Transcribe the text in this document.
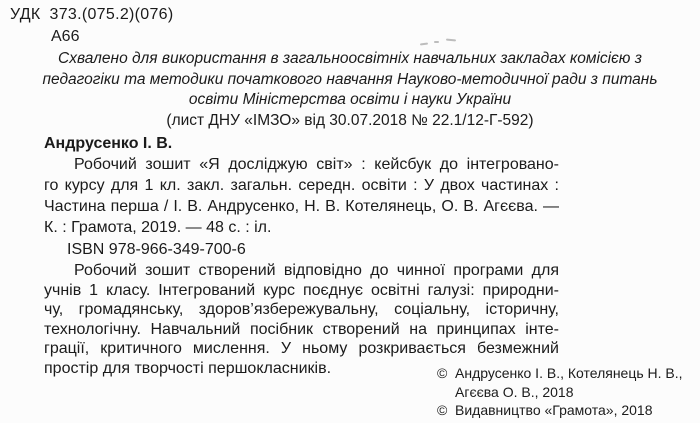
УДК 373.(075.2)(076)
А66
Схвалено для використання в загальноосвітніх навчальних закладах комісією з
педагогіки та методики початкового навчання Науково-методичної ради з питань
освіти Міністерства освіти і науки України
(лист ДНУ «ІМЗО» від 30.07.2018 № 22.1/12-Г-592)
Андрусенко І. В.
Робочий зошит «Я досліджую світ» : кейсбук до інтегровано-
го курсу для 1 кл. закл. загальн. середн. освіти : У двох частинах :
Частина перша / І. В. Андрусенко, Н. В. Котелянець, О. В. Агєєва. —
К. : Грамота, 2019. — 48 с. : іл.
ISBN 978-966-349-700-6
Робочий зошит створений відповідно до чинної програми для
учнів 1 класу. Інтегрований курс поєднує освітні галузі: природни-
чу, громадянську, здоров’язбережувальну, соціальну, історичну,
технологічну. Навчальний посібник створений на принципах інте-
грації, критичного мислення. У ньому розкривається безмежний
простір для творчості першокласників.	© Андрусенко І. В., Котелянець Н. В.,
Агєєва О. В., 2018
© Видавництво «Грамота», 2018
